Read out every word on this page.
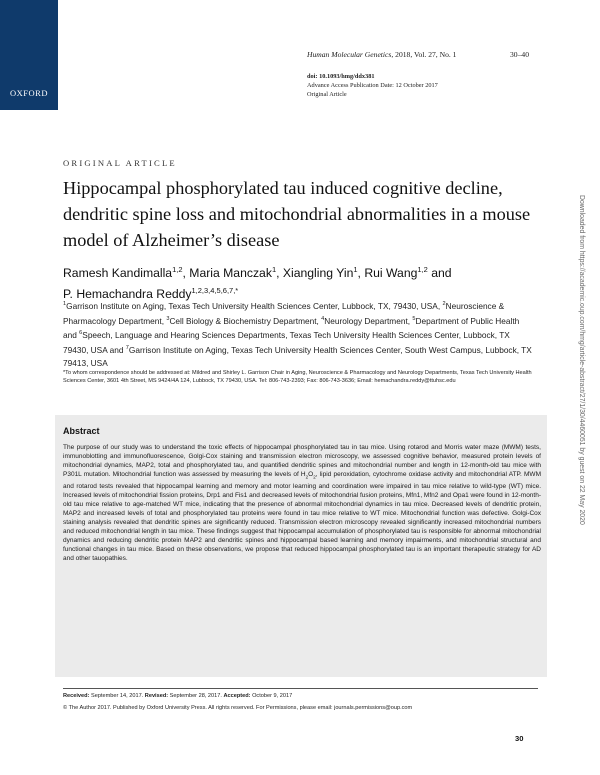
OXFORD
Human Molecular Genetics, 2018, Vol. 27, No. 1	30–40
doi: 10.1093/hmg/ddx381
Advance Access Publication Date: 12 October 2017
Original Article
ORIGINAL ARTICLE
Hippocampal phosphorylated tau induced cognitive decline, dendritic spine loss and mitochondrial abnormalities in a mouse model of Alzheimer’s disease
Ramesh Kandimalla$^{1,2}$, Maria Manczak$^1$, Xiangling Yin$^1$, Rui Wang$^{1,2}$ and
P. Hemachandra Reddy$^{1,2,3,4,5,6,7,*}$
$^1$Garrison Institute on Aging, Texas Tech University Health Sciences Center, Lubbock, TX, 79430, USA, $^2$Neuroscience & Pharmacology Department, $^3$Cell Biology & Biochemistry Department, $^4$Neurology Department, $^5$Department of Public Health and $^6$Speech, Language and Hearing Sciences Departments, Texas Tech University Health Sciences Center, Lubbock, TX 79430, USA and $^7$Garrison Institute on Aging, Texas Tech University Health Sciences Center, South West Campus, Lubbock, TX 79413, USA
*To whom correspondence should be addressed at: Mildred and Shirley L. Garrison Chair in Aging, Neuroscience & Pharmacology and Neurology Departments, Texas Tech University Health Sciences Center, 3601 4th Street, MS 9424/4A 124, Lubbock, TX 79430, USA. Tel: 806-743-2393; Fax: 806-743-3636; Email: hemachandra.reddy@ttuhsc.edu
Abstract
The purpose of our study was to understand the toxic effects of hippocampal phosphorylated tau in tau mice. Using rotarod and Morris water maze (MWM) tests, immunoblotting and immunofluorescence, Golgi-Cox staining and transmission electron microscopy, we assessed cognitive behavior, measured protein levels of mitochondrial dynamics, MAP2, total and phosphorylated tau, and quantified dendritic spines and mitochondrial number and length in 12-month-old tau mice with P301L mutation. Mitochondrial function was assessed by measuring the levels of $H_2O_2$, lipid peroxidation, cytochrome oxidase activity and mitochondrial ATP. MWM and rotarod tests revealed that hippocampal learning and memory and motor learning and coordination were impaired in tau mice relative to wild-type (WT) mice. Increased levels of mitochondrial fission proteins, Drp1 and Fis1 and decreased levels of mitochondrial fusion proteins, Mfn1, Mfn2 and Opa1 were found in 12-month-old tau mice relative to age-matched WT mice, indicating that the presence of abnormal mitochondrial dynamics in tau mice. Decreased levels of dendritic protein, MAP2 and increased levels of total and phosphorylated tau proteins were found in tau mice relative to WT mice. Mitochondrial function was defective. Golgi-Cox staining analysis revealed that dendritic spines are significantly reduced. Transmission electron microscopy revealed significantly increased mitochondrial numbers and reduced mitochondrial length in tau mice. These findings suggest that hippocampal accumulation of phosphorylated tau is responsible for abnormal mitochondrial dynamics and reducing dendritic protein MAP2 and dendritic spines and hippocampal based learning and memory impairments, and mitochondrial structural and functional changes in tau mice. Based on these observations, we propose that reduced hippocampal phosphorylated tau is an important therapeutic strategy for AD and other tauopathies.
Received: September 14, 2017. Revised: September 28, 2017. Accepted: October 9, 2017
© The Author 2017. Published by Oxford University Press. All rights reserved. For Permissions, please email: journals.permissions@oup.com
30
Downloaded from https://academic.oup.com/hmg/article-abstract/27/1/30/4460051 by guest on 22 May 2020
